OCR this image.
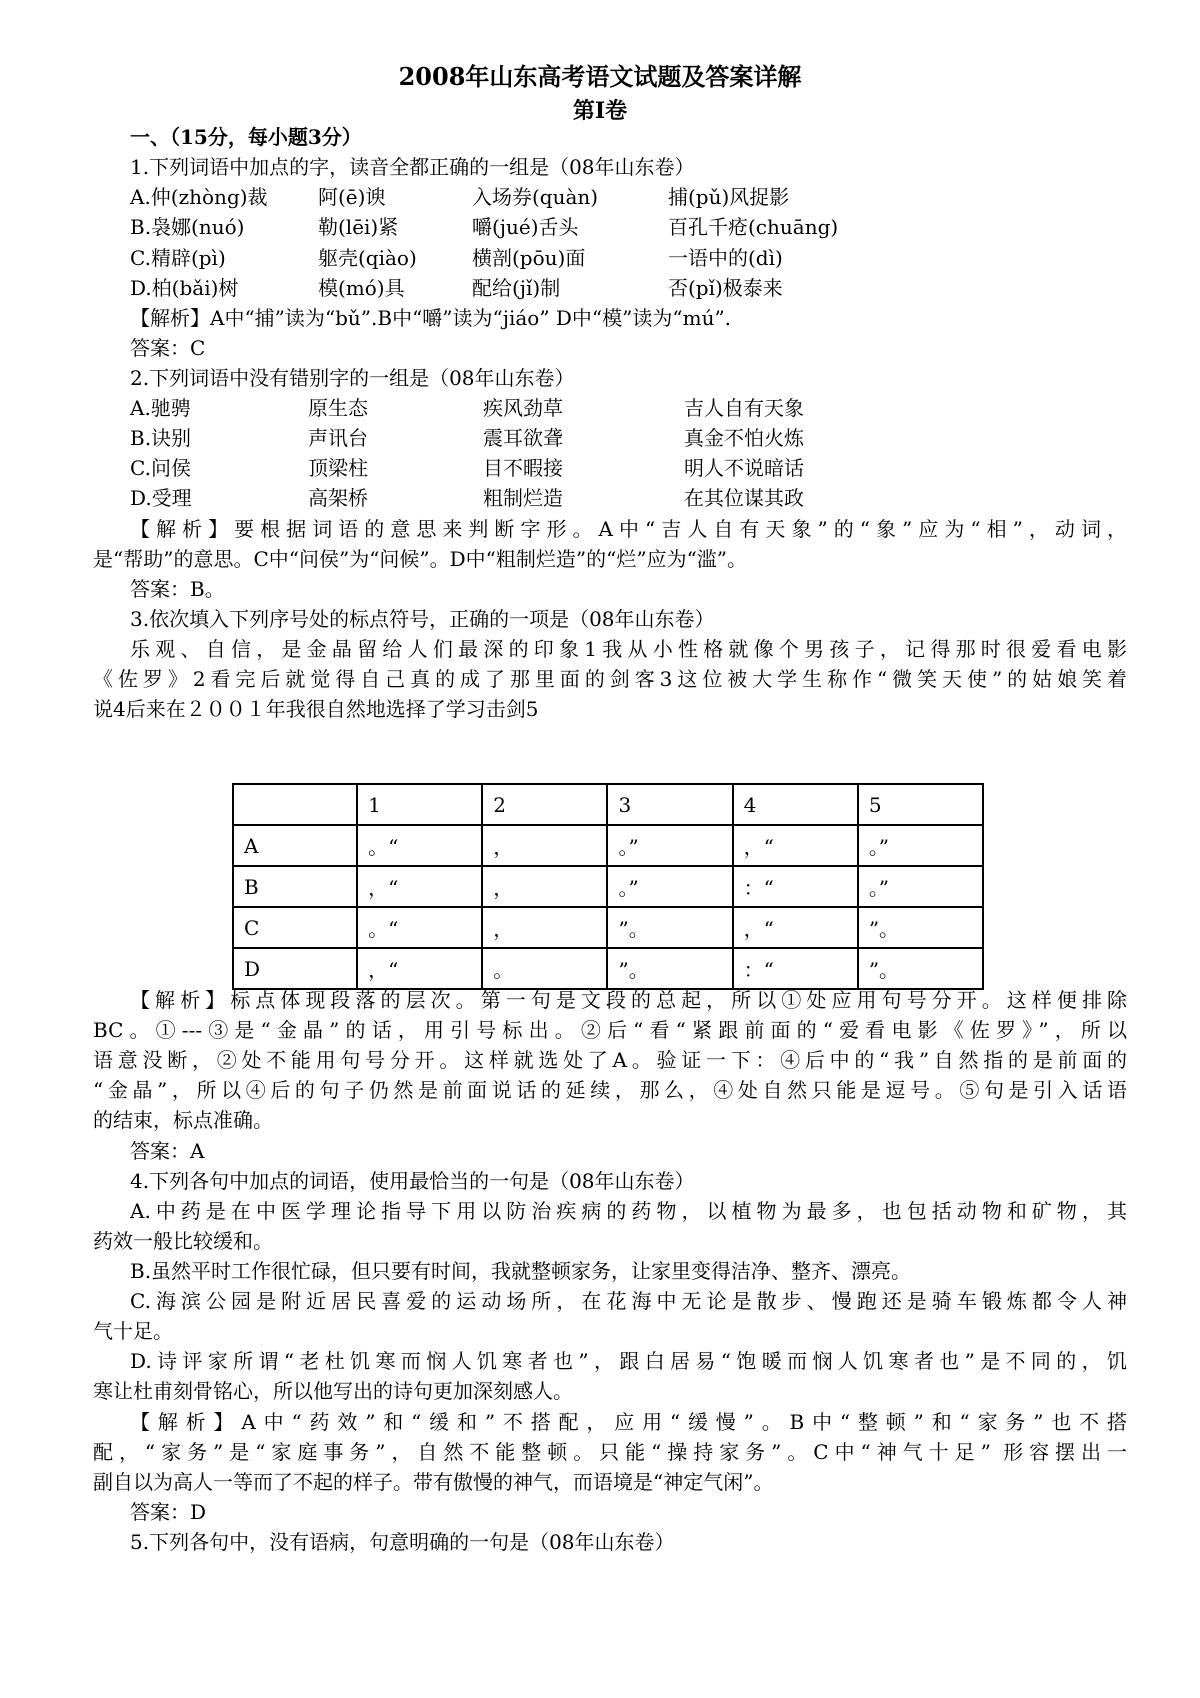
2008年山东高考语文试题及答案详解
第Ⅰ卷
一、（15分，每小题3分）
1.下列词语中加点的字，读音全都正确的一组是（08年山东卷）
A.仲(zhòng)裁	阿(ē)谀	入场券(quàn)	捕(pǔ)风捉影
B.袅娜(nuó)	勒(lēi)紧	嚼(jué)舌头	百孔千疮(chuāng)
C.精辟(pì)	躯壳(qiào)	横剖(pōu)面	一语中的(dì)
D.柏(bǎi)树	模(mó)具	配给(jǐ)制	否(pǐ)极泰来
【解析】A中“捕”读为“bǔ”.B中“嚼”读为“jiáo” D中“模”读为“mú”.
答案：C
2.下列词语中没有错别字的一组是（08年山东卷）
A.驰骋	原生态	疾风劲草	吉人自有天象
B.诀别	声讯台	震耳欲聋	真金不怕火炼
C.问侯	顶梁柱	目不暇接	明人不说暗话
D.受理	高架桥	粗制烂造	在其位谋其政
【解析】要根据词语的意思来判断字形。A中“吉人自有天象”的“象”应为“相”，动词，
是“帮助”的意思。C中“问侯”为“问候”。D中“粗制烂造”的“烂”应为“滥”。
答案：B。
3.依次填入下列序号处的标点符号，正确的一项是（08年山东卷）
乐观、自信，是金晶留给人们最深的印象1我从小性格就像个男孩子，记得那时很爱看电影
《佐罗》2看完后就觉得自己真的成了那里面的剑客3这位被大学生称作“微笑天使”的姑娘笑着
说4后来在２００１年我很自然地选择了学习击剑5
	1	2	3	4	5
A	。“	，	。”	，“	。”
B	，“	，	。”	：“	。”
C	。“	，	”。	，“	”。
D	，“	。	”。	：“	”。
【解析】标点体现段落的层次。第一句是文段的总起，所以①处应用句号分开。这样便排除
BC。①---③是“金晶”的话，用引号标出。②后“看“紧跟前面的“爱看电影《佐罗》”，所以
语意没断，②处不能用句号分开。这样就选处了A。验证一下：④后中的“我”自然指的是前面的
“金晶”，所以④后的句子仍然是前面说话的延续，那么，④处自然只能是逗号。⑤句是引入话语
的结束，标点准确。
答案：A
4.下列各句中加点的词语，使用最恰当的一句是（08年山东卷）
A.中药是在中医学理论指导下用以防治疾病的药物，以植物为最多，也包括动物和矿物，其
药效一般比较缓和。
B.虽然平时工作很忙碌，但只要有时间，我就整顿家务，让家里变得洁净、整齐、漂亮。
C.海滨公园是附近居民喜爱的运动场所，在花海中无论是散步、慢跑还是骑车锻炼都令人神
气十足。
D.诗评家所谓“老杜饥寒而悯人饥寒者也”，跟白居易“饱暖而悯人饥寒者也”是不同的，饥
寒让杜甫刻骨铭心，所以他写出的诗句更加深刻感人。
【解析】A中“药效”和“缓和”不搭配，应用“缓慢”。B中“整顿”和“家务”也不搭
配，“家务”是“家庭事务”，自然不能整顿。只能“操持家务”。C中“神气十足” 形容摆出一
副自以为高人一等而了不起的样子。带有傲慢的神气，而语境是“神定气闲”。
答案：D
5.下列各句中，没有语病，句意明确的一句是（08年山东卷）
